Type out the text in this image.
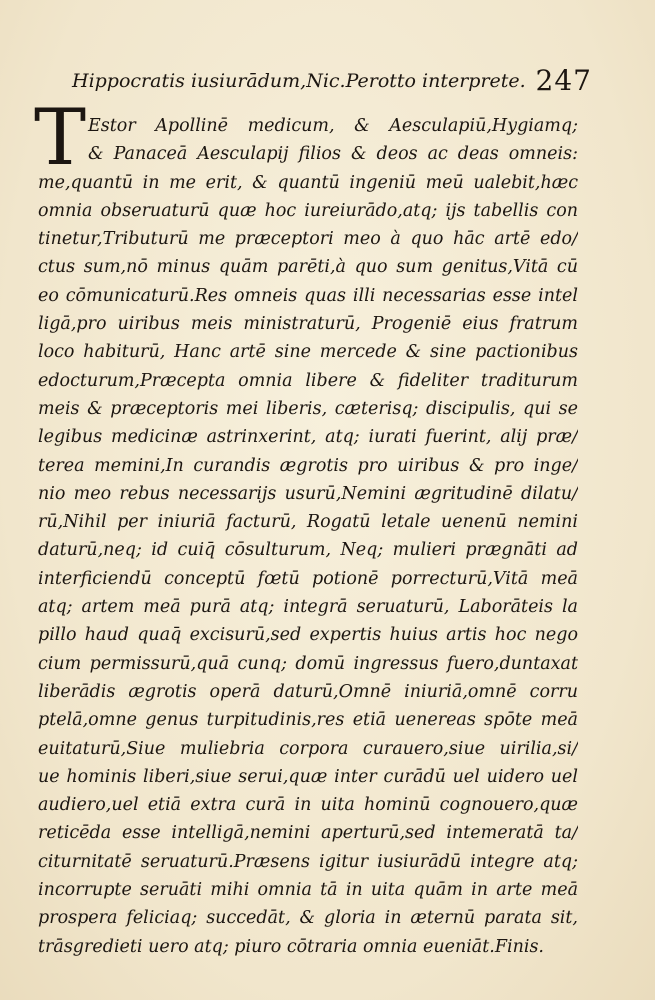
Hippocratis iusiurādum,Nic.Perotto interprete. 247
T Estor Apollinē medicum, & Aesculapiū,Hygiamq;
& Panaceā Aesculapij filios & deos ac deas omneis:
me,quantū in me erit, & quantū ingeniū meū ualebit,hæc
omnia obseruaturū quæ hoc iureiurādo,atq; ijs tabellis con
tinetur,Tributurū me præceptori meo à quo hāc artē edo/
ctus sum,nō minus quām parēti,à quo sum genitus,Vitā cū
eo cōmunicaturū.Res omneis quas illi necessarias esse intel
ligā,pro uiribus meis ministraturū, Progeniē eius fratrum
loco habiturū, Hanc artē sine mercede & sine pactionibus
edocturum,Præcepta omnia libere & fideliter traditurum
meis & præceptoris mei liberis, cæterisq; discipulis, qui se
legibus medicinæ astrinxerint, atq; iurati fuerint, alij præ/
terea memini,In curandis ægrotis pro uiribus & pro inge/
nio meo rebus necessarijs usurū,Nemini ægritudinē dilatu/
rū,Nihil per iniuriā facturū, Rogatū letale uenenū nemini
daturū,neq; id cuiq̄ cōsulturum, Neq; mulieri prægnāti ad
interficiendū conceptū fœtū potionē porrecturū,Vitā meā
atq; artem meā purā atq; integrā seruaturū, Laborāteis la
pillo haud quaq̄ excisurū,sed expertis huius artis hoc nego
cium permissurū,quā cunq; domū ingressus fuero,duntaxat
liberādis ægrotis operā daturū,Omnē iniuriā,omnē corru
ptelā,omne genus turpitudinis,res etiā uenereas spōte meā
euitaturū,Siue muliebria corpora curauero,siue uirilia,si/
ue hominis liberi,siue serui,quæ inter curādū uel uidero uel
audiero,uel etiā extra curā in uita hominū cognouero,quæ
reticēda esse intelligā,nemini aperturū,sed intemeratā ta/
citurnitatē seruaturū.Præsens igitur iusiurādū integre atq;
incorrupte seruāti mihi omnia tā in uita quām in arte meā
prospera feliciaq; succedāt, & gloria in æternū parata sit,
trāsgredieti uero atq; piuro cōtraria omnia eueniāt.Finis.
